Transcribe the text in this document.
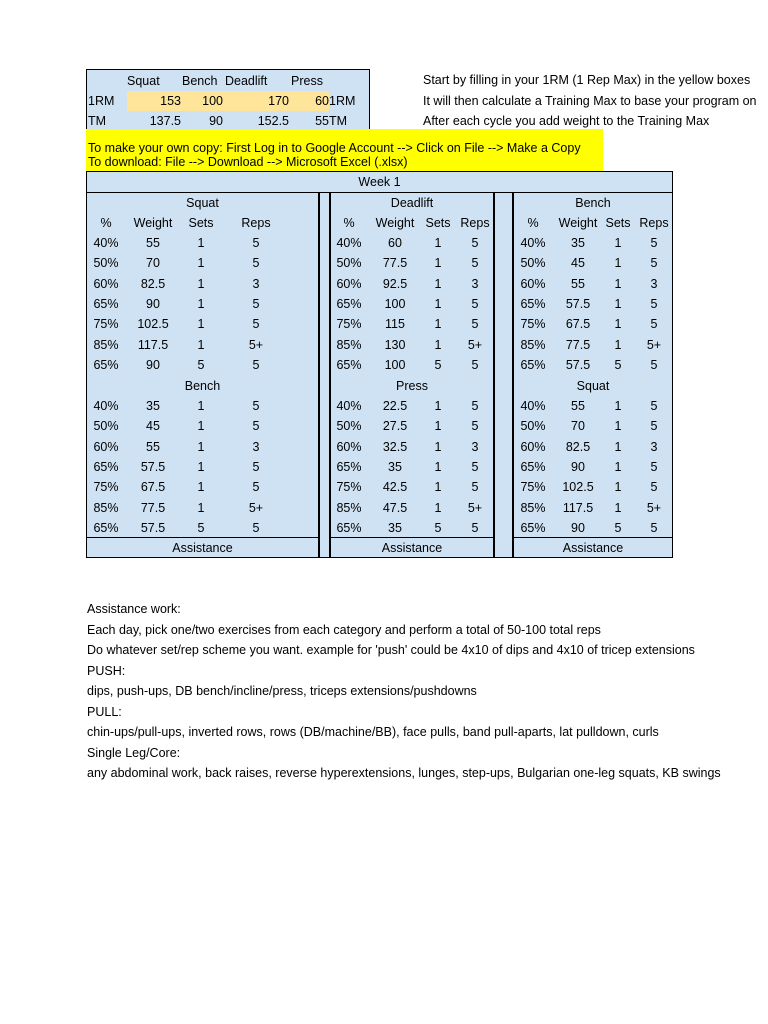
Squat Bench Deadlift Press
1RM	153	100	170	60 1RM
TM	137.5	90	152.5	55 TM
Start by filling in your 1RM (1 Rep Max) in the yellow boxes
It will then calculate a Training Max to base your program on
After each cycle you add weight to the Training Max
To make your own copy: First Log in to Google Account --> Click on File --> Make a Copy
To download: File --> Download --> Microsoft Excel (.xlsx)
Week 1
Squat
%	Weight	Sets	Reps
40%	55	1	5
50%	70	1	5
60%	82.5	1	3
65%	90	1	5
75%	102.5	1	5
85%	117.5	1	5+
65%	90	5	5
Bench
40%	35	1	5
50%	45	1	5
60%	55	1	3
65%	57.5	1	5
75%	67.5	1	5
85%	77.5	1	5+
65%	57.5	5	5
Assistance
Deadlift
%	Weight Sets Reps
40%	60	1	5
50%	77.5	1	5
60%	92.5	1	3
65%	100	1	5
75%	115	1	5
85%	130	1	5+
65%	100	5	5
Press
40%	22.5	1	5
50%	27.5	1	5
60%	32.5	1	3
65%	35	1	5
75%	42.5	1	5
85%	47.5	1	5+
65%	35	5	5
Assistance
Bench
%	Weight Sets Reps
40%	35	1	5
50%	45	1	5
60%	55	1	3
65%	57.5	1	5
75%	67.5	1	5
85%	77.5	1	5+
65%	57.5	5	5
Squat
40%	55	1	5
50%	70	1	5
60%	82.5	1	3
65%	90	1	5
75%	102.5	1	5
85%	117.5	1	5+
65%	90	5	5
Assistance
Assistance work:
Each day, pick one/two exercises from each category and perform a total of 50-100 total reps
Do whatever set/rep scheme you want. example for 'push' could be 4x10 of dips and 4x10 of tricep extensions
PUSH:
dips, push-ups, DB bench/incline/press, triceps extensions/pushdowns
PULL:
chin-ups/pull-ups, inverted rows, rows (DB/machine/BB), face pulls, band pull-aparts, lat pulldown, curls
Single Leg/Core:
any abdominal work, back raises, reverse hyperextensions, lunges, step-ups, Bulgarian one-leg squats, KB swings
